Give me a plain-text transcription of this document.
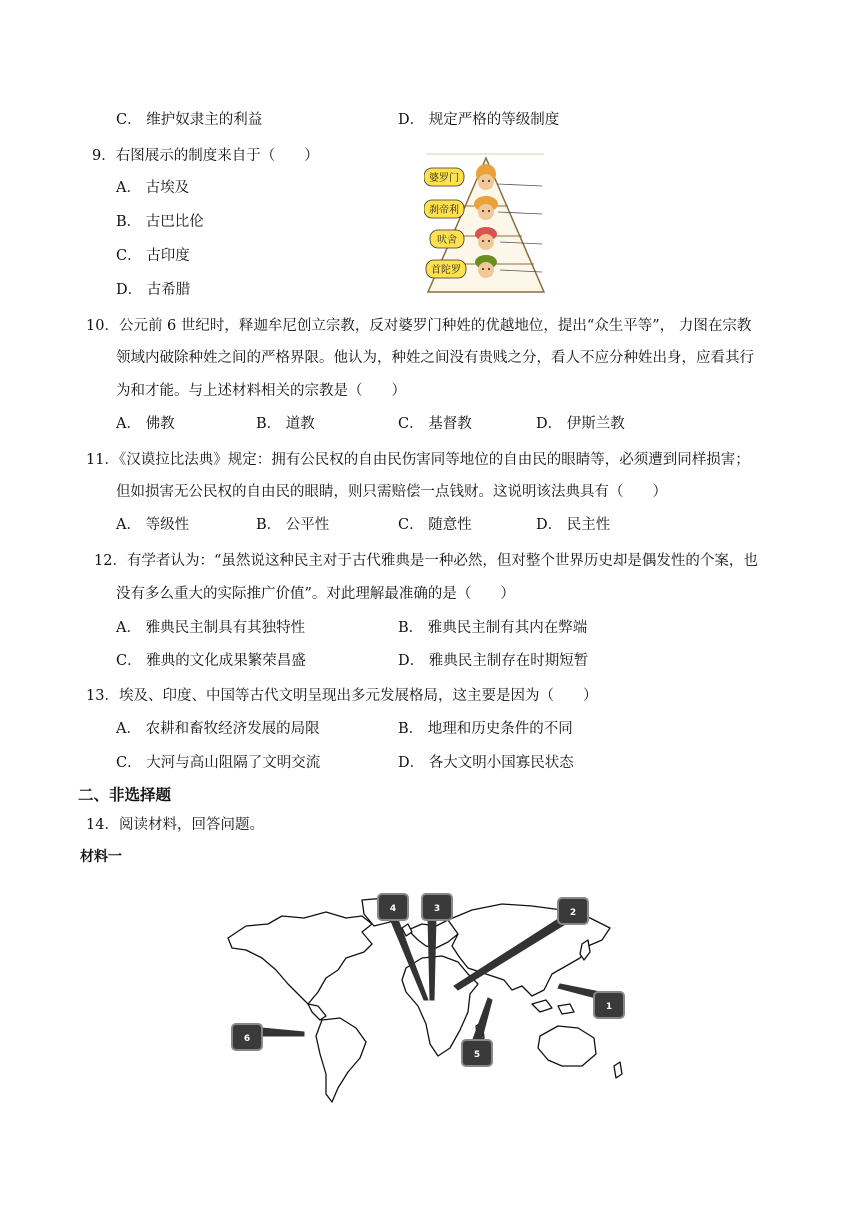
C． 维护奴隶主的利益	D． 规定严格的等级制度
9．右图展示的制度来自于（　　）
A． 古埃及
B． 古巴比伦
C． 古印度
D． 古希腊
婆罗门
刹帝利
吠舍
首陀罗
10．公元前 6 世纪时，释迦牟尼创立宗教，反对婆罗门种姓的优越地位，提出“众生平等”， 力图在宗教
领域内破除种姓之间的严格界限。他认为，种姓之间没有贵贱之分，看人不应分种姓出身，应看其行
为和才能。与上述材料相关的宗教是（　　）
A． 佛教	B． 道教	C． 基督教	D． 伊斯兰教
11．《汉谟拉比法典》规定：拥有公民权的自由民伤害同等地位的自由民的眼睛等，必须遭到同样损害；
但如损害无公民权的自由民的眼睛，则只需赔偿一点钱财。这说明该法典具有（　　）
A． 等级性	B． 公平性	C． 随意性	D． 民主性
12．有学者认为：“虽然说这种民主对于古代雅典是一种必然，但对整个世界历史却是偶发性的个案，也
没有多么重大的实际推广价值”。对此理解最准确的是（　　）
A． 雅典民主制具有其独特性	B． 雅典民主制有其内在弊端
C． 雅典的文化成果繁荣昌盛	D． 雅典民主制存在时期短暂
13．埃及、印度、中国等古代文明呈现出多元发展格局，这主要是因为（　　）
A． 农耕和畜牧经济发展的局限	B． 地理和历史条件的不同
C． 大河与高山阻隔了文明交流	D． 各大文明小国寡民状态
二、非选择题
14．阅读材料，回答问题。
材料一
4	3	2
1
6
5
